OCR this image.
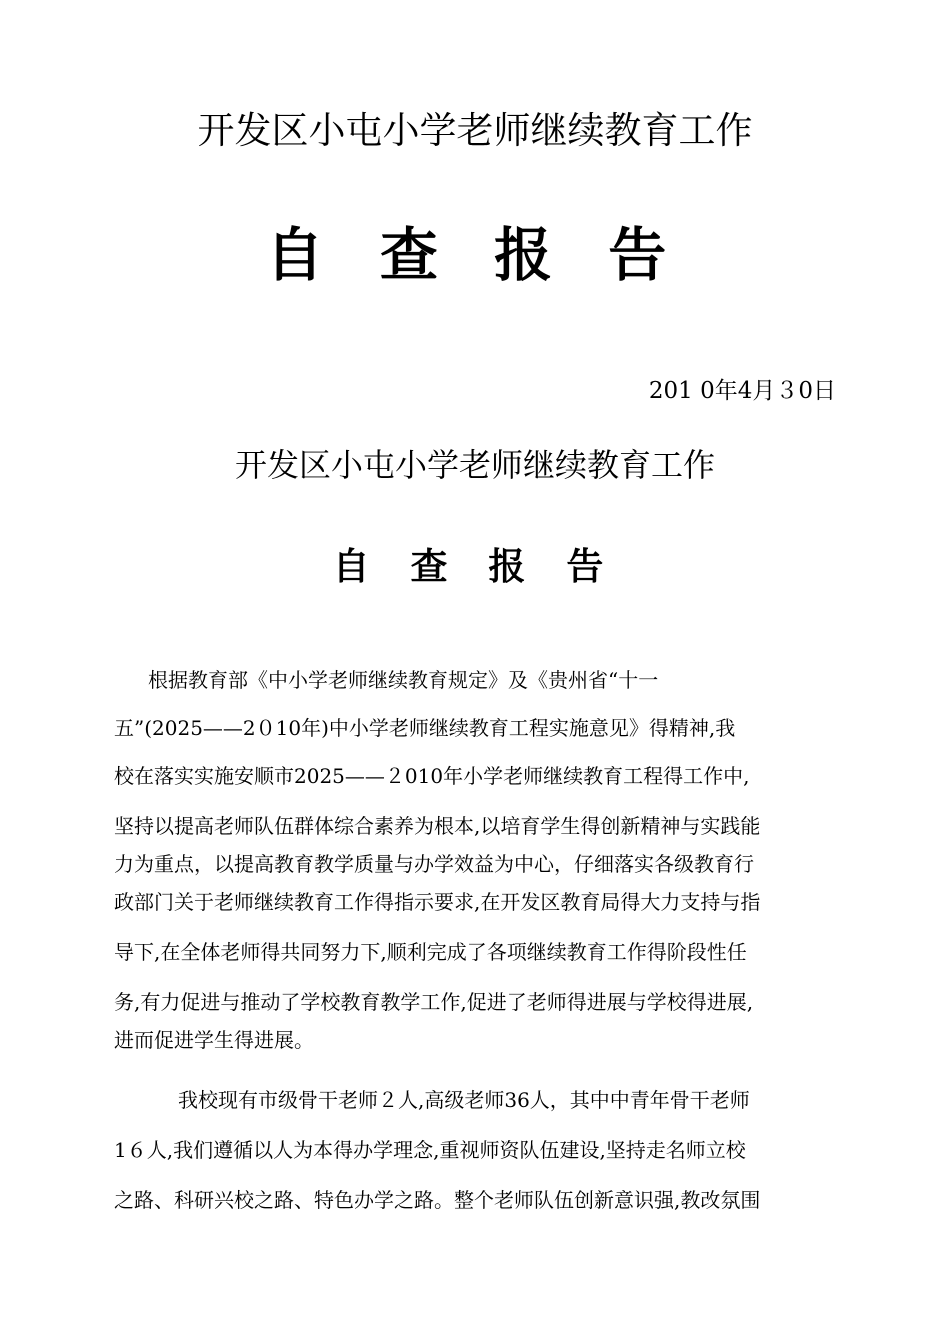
开发区小屯小学老师继续教育工作
自 查 报 告
201 0年4月３0日
开发区小屯小学老师继续教育工作
自 查 报 告
根据教育部《中小学老师继续教育规定》及《贵州省“十一
五”(2025——2０10年)中小学老师继续教育工程实施意见》得精神,我
校在落实实施安顺市2025——２010年小学老师继续教育工程得工作中,
坚持以提高老师队伍群体综合素养为根本,以培育学生得创新精神与实践能
力为重点，以提高教育教学质量与办学效益为中心，仔细落实各级教育行
政部门关于老师继续教育工作得指示要求,在开发区教育局得大力支持与指
导下,在全体老师得共同努力下,顺利完成了各项继续教育工作得阶段性任
务,有力促进与推动了学校教育教学工作,促进了老师得进展与学校得进展,
进而促进学生得进展。
我校现有市级骨干老师２人,高级老师36人，其中中青年骨干老师
1６人,我们遵循以人为本得办学理念,重视师资队伍建设,坚持走名师立校
之路、科研兴校之路、特色办学之路。整个老师队伍创新意识强,教改氛围
